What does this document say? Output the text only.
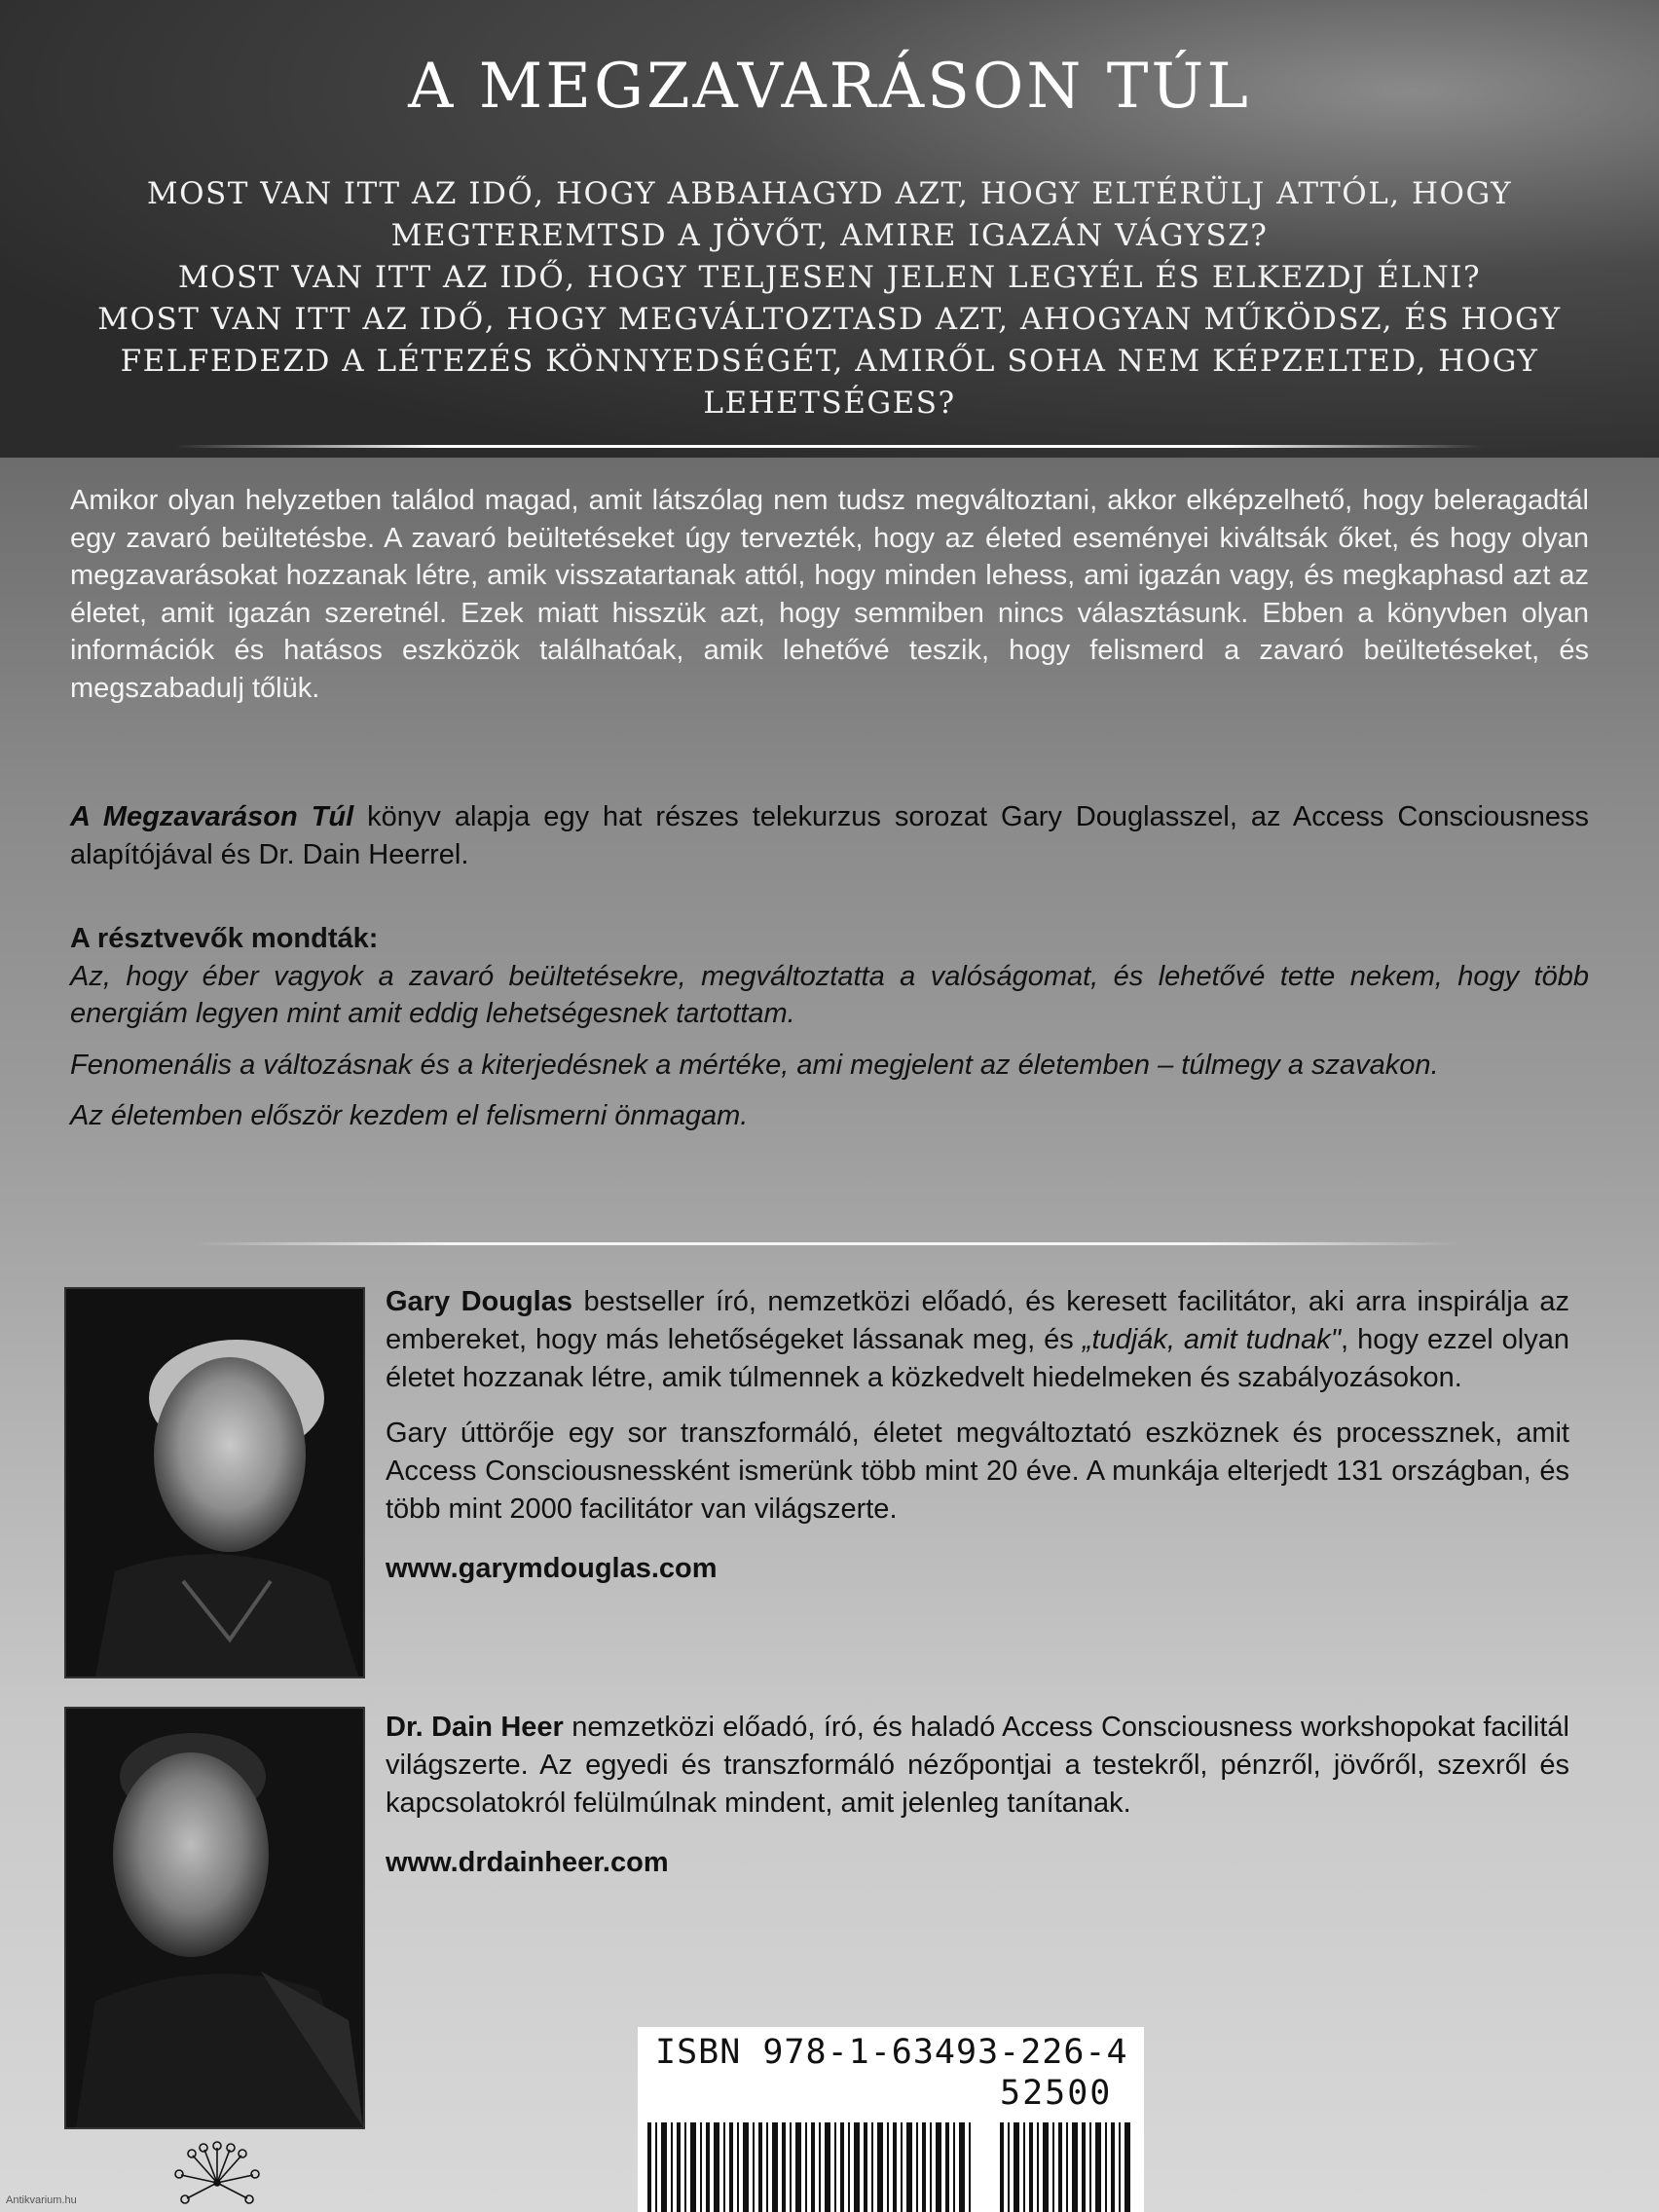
A MEGZAVARÁSON TÚL
MOST VAN ITT AZ IDŐ, HOGY ABBAHAGYD AZT, HOGY ELTÉRÜLJ ATTÓL, HOGY
MEGTEREMTSD A JÖVŐT, AMIRE IGAZÁN VÁGYSZ?
MOST VAN ITT AZ IDŐ, HOGY TELJESEN JELEN LEGYÉL ÉS ELKEZDJ ÉLNI?
MOST VAN ITT AZ IDŐ, HOGY MEGVÁLTOZTASD AZT, AHOGYAN MŰKÖDSZ, ÉS HOGY
FELFEDEZD A LÉTEZÉS KÖNNYEDSÉGÉT, AMIRŐL SOHA NEM KÉPZELTED, HOGY
LEHETSÉGES?
Amikor olyan helyzetben találod magad, amit látszólag nem tudsz megváltoztani, akkor elképzelhető, hogy beleragadtál egy zavaró beültetésbe. A zavaró beültetéseket úgy tervezték, hogy az életed eseményei kiváltsák őket, és hogy olyan megzavarásokat hozzanak létre, amik visszatartanak attól, hogy minden lehess, ami igazán vagy, és megkaphasd azt az életet, amit igazán szeretnél. Ezek miatt hisszük azt, hogy semmiben nincs választásunk. Ebben a könyvben olyan információk és hatásos eszközök találhatóak, amik lehetővé teszik, hogy felismerd a zavaró beültetéseket, és megszabadulj tőlük.
A Megzavaráson Túl könyv alapja egy hat részes telekurzus sorozat Gary Douglasszel, az Access Consciousness alapítójával és Dr. Dain Heerrel.
A résztvevők mondták:
Az, hogy éber vagyok a zavaró beültetésekre, megváltoztatta a valóságomat, és lehetővé tette nekem, hogy több energiám legyen mint amit eddig lehetségesnek tartottam.
Fenomenális a változásnak és a kiterjedésnek a mértéke, ami megjelent az életemben – túlmegy a szavakon.
Az életemben először kezdem el felismerni önmagam.

Gary Douglas bestseller író, nemzetközi előadó, és keresett facilitátor, aki arra inspirálja az embereket, hogy más lehetőségeket lássanak meg, és „tudják, amit tudnak", hogy ezzel olyan életet hozzanak létre, amik túlmennek a közkedvelt hiedelmeken és szabályozásokon.

Gary úttörője egy sor transzformáló, életet megváltoztató eszköznek és processznek, amit Access Consciousnessként ismerünk több mint 20 éve. A munkája elterjedt 131 országban, és több mint 2000 facilitátor van világszerte.

www.garymdouglas.com

Dr. Dain Heer nemzetközi előadó, író, és haladó Access Consciousness workshopokat facilitál világszerte. Az egyedi és transzformáló nézőpontjai a testekről, pénzről, jövőről, szexről és kapcsolatokról felülmúlnak mindent, amit jelenleg tanítanak.

www.drdainheer.com

ISBN 978-1-63493-226-4
52500
Antikvarium.hu
